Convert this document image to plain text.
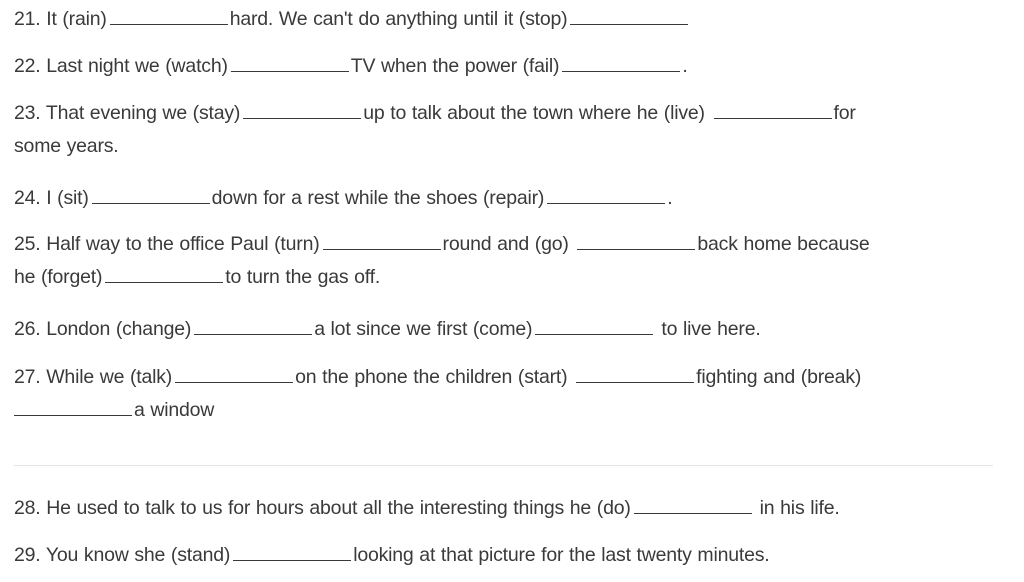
21. It (rain)	hard. We can't do anything until it (stop)
22. Last night we (watch)	TV when the power (fail)	.
23. That evening we (stay)	up to talk about the town where he (live)	for
some years.
24. I (sit)	down for a rest while the shoes (repair)	.
25. Half way to the office Paul (turn)	round and (go)	back home because
he (forget)	to turn the gas off.
26. London (change)	a lot since we first (come)	to live here.
27. While we (talk)	on the phone the children (start)	fighting and (break)
a window
28. He used to talk to us for hours about all the interesting things he (do)	in his life.
29. You know she (stand)	looking at that picture for the last twenty minutes.
